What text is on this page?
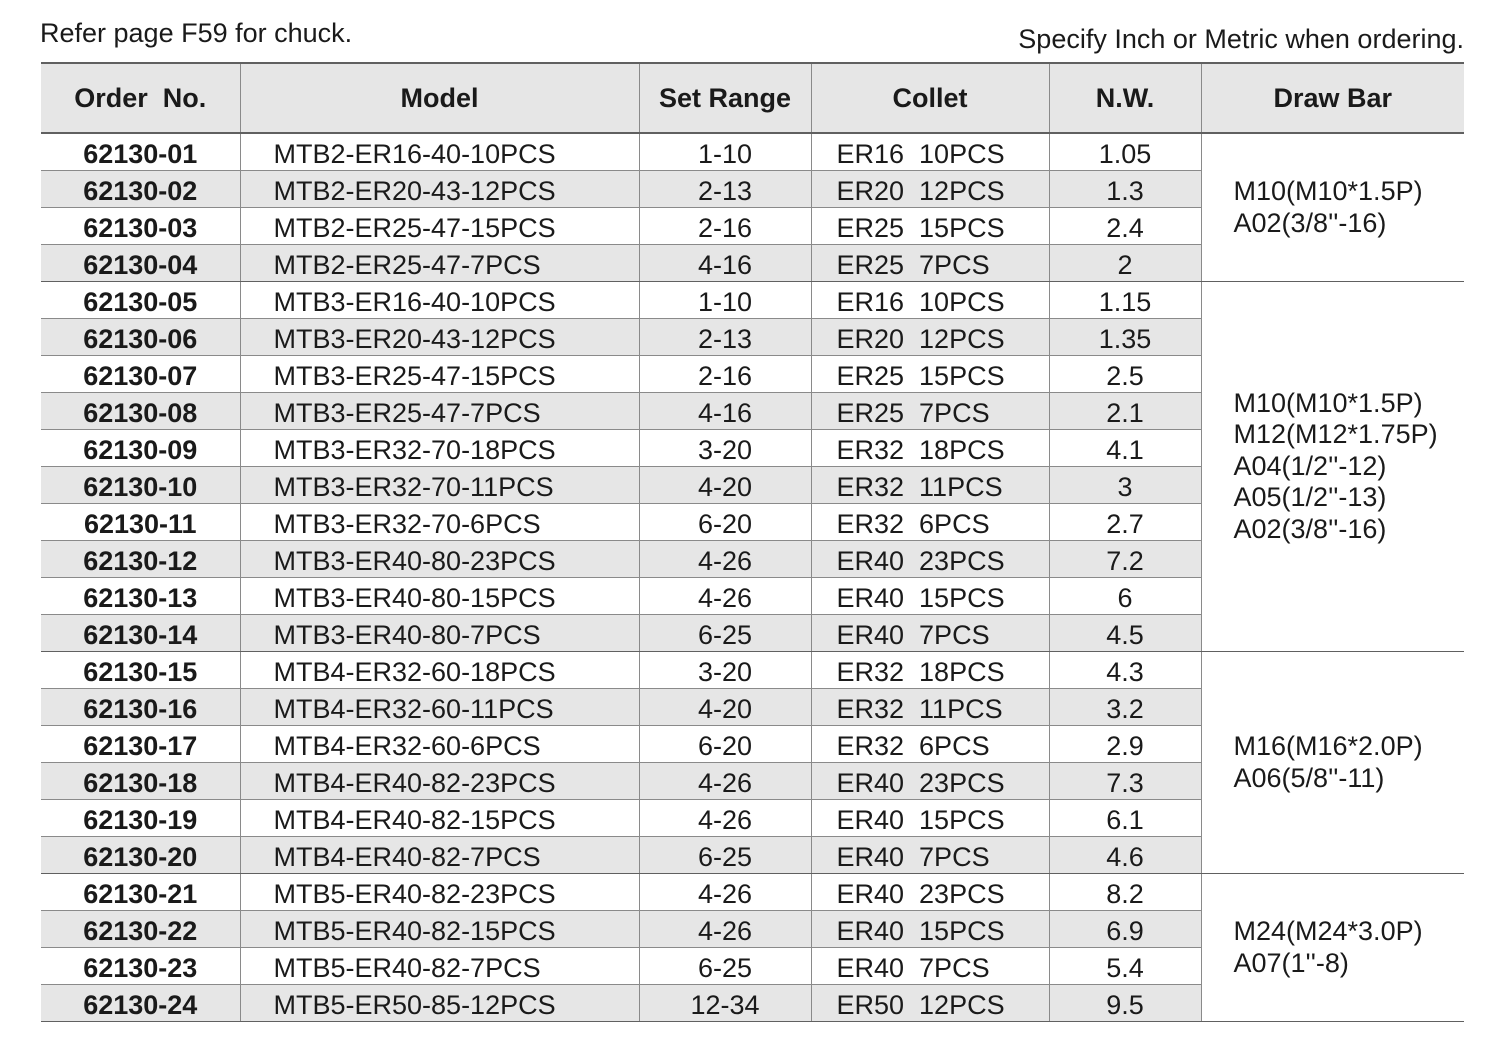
Refer page F59 for chuck.	Specify Inch or Metric when ordering.
Order  No.	Model	Set Range	Collet	N.W.	Draw Bar
62130-01	MTB2-ER16-40-10PCS	1-10	ER16  10PCS	1.05	M10(M10*1.5P)
A02(3/8''-16)

62130-02	MTB2-ER20-43-12PCS	2-13	ER20  12PCS	1.3	
62130-03	MTB2-ER25-47-15PCS	2-16	ER25  15PCS	2.4	
62130-04	MTB2-ER25-47-7PCS	4-16	ER25  7PCS	2	
62130-05	MTB3-ER16-40-10PCS	1-10	ER16  10PCS	1.15	M10(M10*1.5P)
M12(M12*1.75P)
A04(1/2''-12)
A05(1/2''-13)
A02(3/8''-16)

62130-06	MTB3-ER20-43-12PCS	2-13	ER20  12PCS	1.35	
62130-07	MTB3-ER25-47-15PCS	2-16	ER25  15PCS	2.5	
62130-08	MTB3-ER25-47-7PCS	4-16	ER25  7PCS	2.1	
62130-09	MTB3-ER32-70-18PCS	3-20	ER32  18PCS	4.1	
62130-10	MTB3-ER32-70-11PCS	4-20	ER32  11PCS	3	
62130-11	MTB3-ER32-70-6PCS	6-20	ER32  6PCS	2.7	
62130-12	MTB3-ER40-80-23PCS	4-26	ER40  23PCS	7.2	
62130-13	MTB3-ER40-80-15PCS	4-26	ER40  15PCS	6	
62130-14	MTB3-ER40-80-7PCS	6-25	ER40  7PCS	4.5	
62130-15	MTB4-ER32-60-18PCS	3-20	ER32  18PCS	4.3	M16(M16*2.0P)
A06(5/8''-11)

62130-16	MTB4-ER32-60-11PCS	4-20	ER32  11PCS	3.2	
62130-17	MTB4-ER32-60-6PCS	6-20	ER32  6PCS	2.9	
62130-18	MTB4-ER40-82-23PCS	4-26	ER40  23PCS	7.3	
62130-19	MTB4-ER40-82-15PCS	4-26	ER40  15PCS	6.1	
62130-20	MTB4-ER40-82-7PCS	6-25	ER40  7PCS	4.6	
62130-21	MTB5-ER40-82-23PCS	4-26	ER40  23PCS	8.2	M24(M24*3.0P)
A07(1''-8)

62130-22	MTB5-ER40-82-15PCS	4-26	ER40  15PCS	6.9	
62130-23	MTB5-ER40-82-7PCS	6-25	ER40  7PCS	5.4	
62130-24	MTB5-ER50-85-12PCS	12-34	ER50  12PCS	9.5	
